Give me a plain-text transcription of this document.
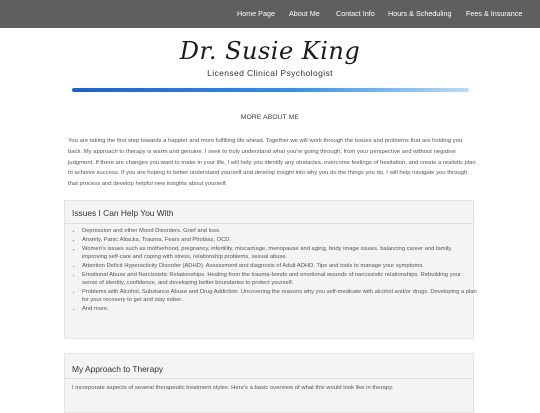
Home Page About Me Contact Info Hours & Scheduling Fees & Insurance
Dr. Susie King
Licensed Clinical Psychologist
MORE ABOUT ME

You are taking the first step towards a happier and more fulfilling life ahead. Together we will work through the issues and problems that are holding you back. My approach to therapy is warm and genuine. I seek to truly understand what you're going through, from your perspective and without negative judgment. If there are changes you want to make in your life, I will help you identify any obstacles, overcome feelings of hesitation, and create a realistic plan to achieve success. If you are hoping to better understand yourself and develop insight into why you do the things you do, I will help navigate you through that process and develop helpful new insights about yourself.

Issues I Can Help You With
• Depression and other Mood Disorders. Grief and loss.
• Anxiety, Panic Attacks, Trauma, Fears and Phobias, OCD.
• Women's issues such as motherhood, pregnancy, infertility, miscarriage, menopause and aging, body image issues, balancing career and family, improving self-care and coping with stress, relationship problems, sexual abuse.
• Attention Deficit Hyperactivity Disorder (ADHD). Assessment and diagnosis of Adult ADHD. Tips and tools to manage your symptoms.
• Emotional Abuse and Narcissistic Relationships. Healing from the trauma-bonds and emotional wounds of narcissistic relationships. Rebuilding your sense of identity, confidence, and developing better boundaries to protect yourself.
• Problems with Alcohol, Substance Abuse and Drug Addiction. Uncovering the reasons why you self-medicate with alcohol and/or drugs. Developing a plan for your recovery to get and stay sober.
• And more.
My Approach to Therapy
I incorporate aspects of several therapeutic treatment styles. Here's a basic overview of what this would look like in therapy:
